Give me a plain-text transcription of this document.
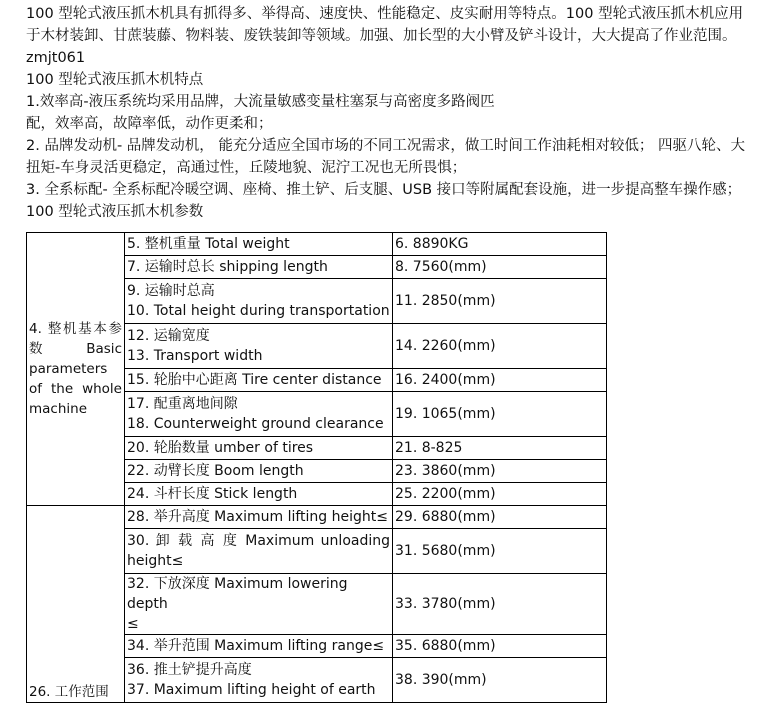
100 型轮式液压抓木机具有抓得多、举得高、速度快、性能稳定、皮实耐用等特点。100 型轮式液压抓木机应用于木材装卸、甘蔗装藤、物料装、废铁装卸等领域。加强、加长型的大小臂及铲斗设计，大大提高了作业范围。zmjt061

100 型轮式液压抓木机特点

1.效率高-液压系统均采用品牌，大流量敏感变量柱塞泵与高密度多路阀匹

配，效率高，故障率低，动作更柔和；

2. 品牌发动机- 品牌发动机， 能充分适应全国市场的不同工况需求，做工时间工作油耗相对较低； 四驱八轮、大扭矩-车身灵活更稳定，高通过性，丘陵地貌、泥泞工况也无所畏惧；

3. 全系标配- 全系标配冷暖空调、座椅、推土铲、后支腿、USB 接口等附属配套设施，进一步提高整车操作感；

100 型轮式液压抓木机参数

4. 整机基本参数 Basic parameters of the whole machine	5. 整机重量 Total weight	6. 8890KG
	7. 运输时总长 shipping length	8. 7560(mm)

	9. 运输时总高
10. Total height during transportation	11. 2850(mm)

	12. 运输宽度
13. Transport width	14. 2260(mm)
	15. 轮胎中心距离 Tire center distance	16. 2400(mm)

	17. 配重离地间隙
18. Counterweight ground clearance	19. 1065(mm)
	20. 轮胎数量 umber of tires	21. 8-825
	22. 动臂长度 Boom length	23. 3860(mm)
	24. 斗杆长度 Stick length	25. 2200(mm)
26. 工作范围	28. 举升高度 Maximum lifting height≤	29. 6880(mm)

	30. 卸 载 高 度 Maximum unloading
height≤	31. 5680(mm)

	32. 下放深度 Maximum lowering depth
≤	33. 3780(mm)
	34. 举升范围 Maximum lifting range≤	35. 6880(mm)

	36. 推土铲提升高度
37. Maximum lifting height of earth	38. 390(mm)
